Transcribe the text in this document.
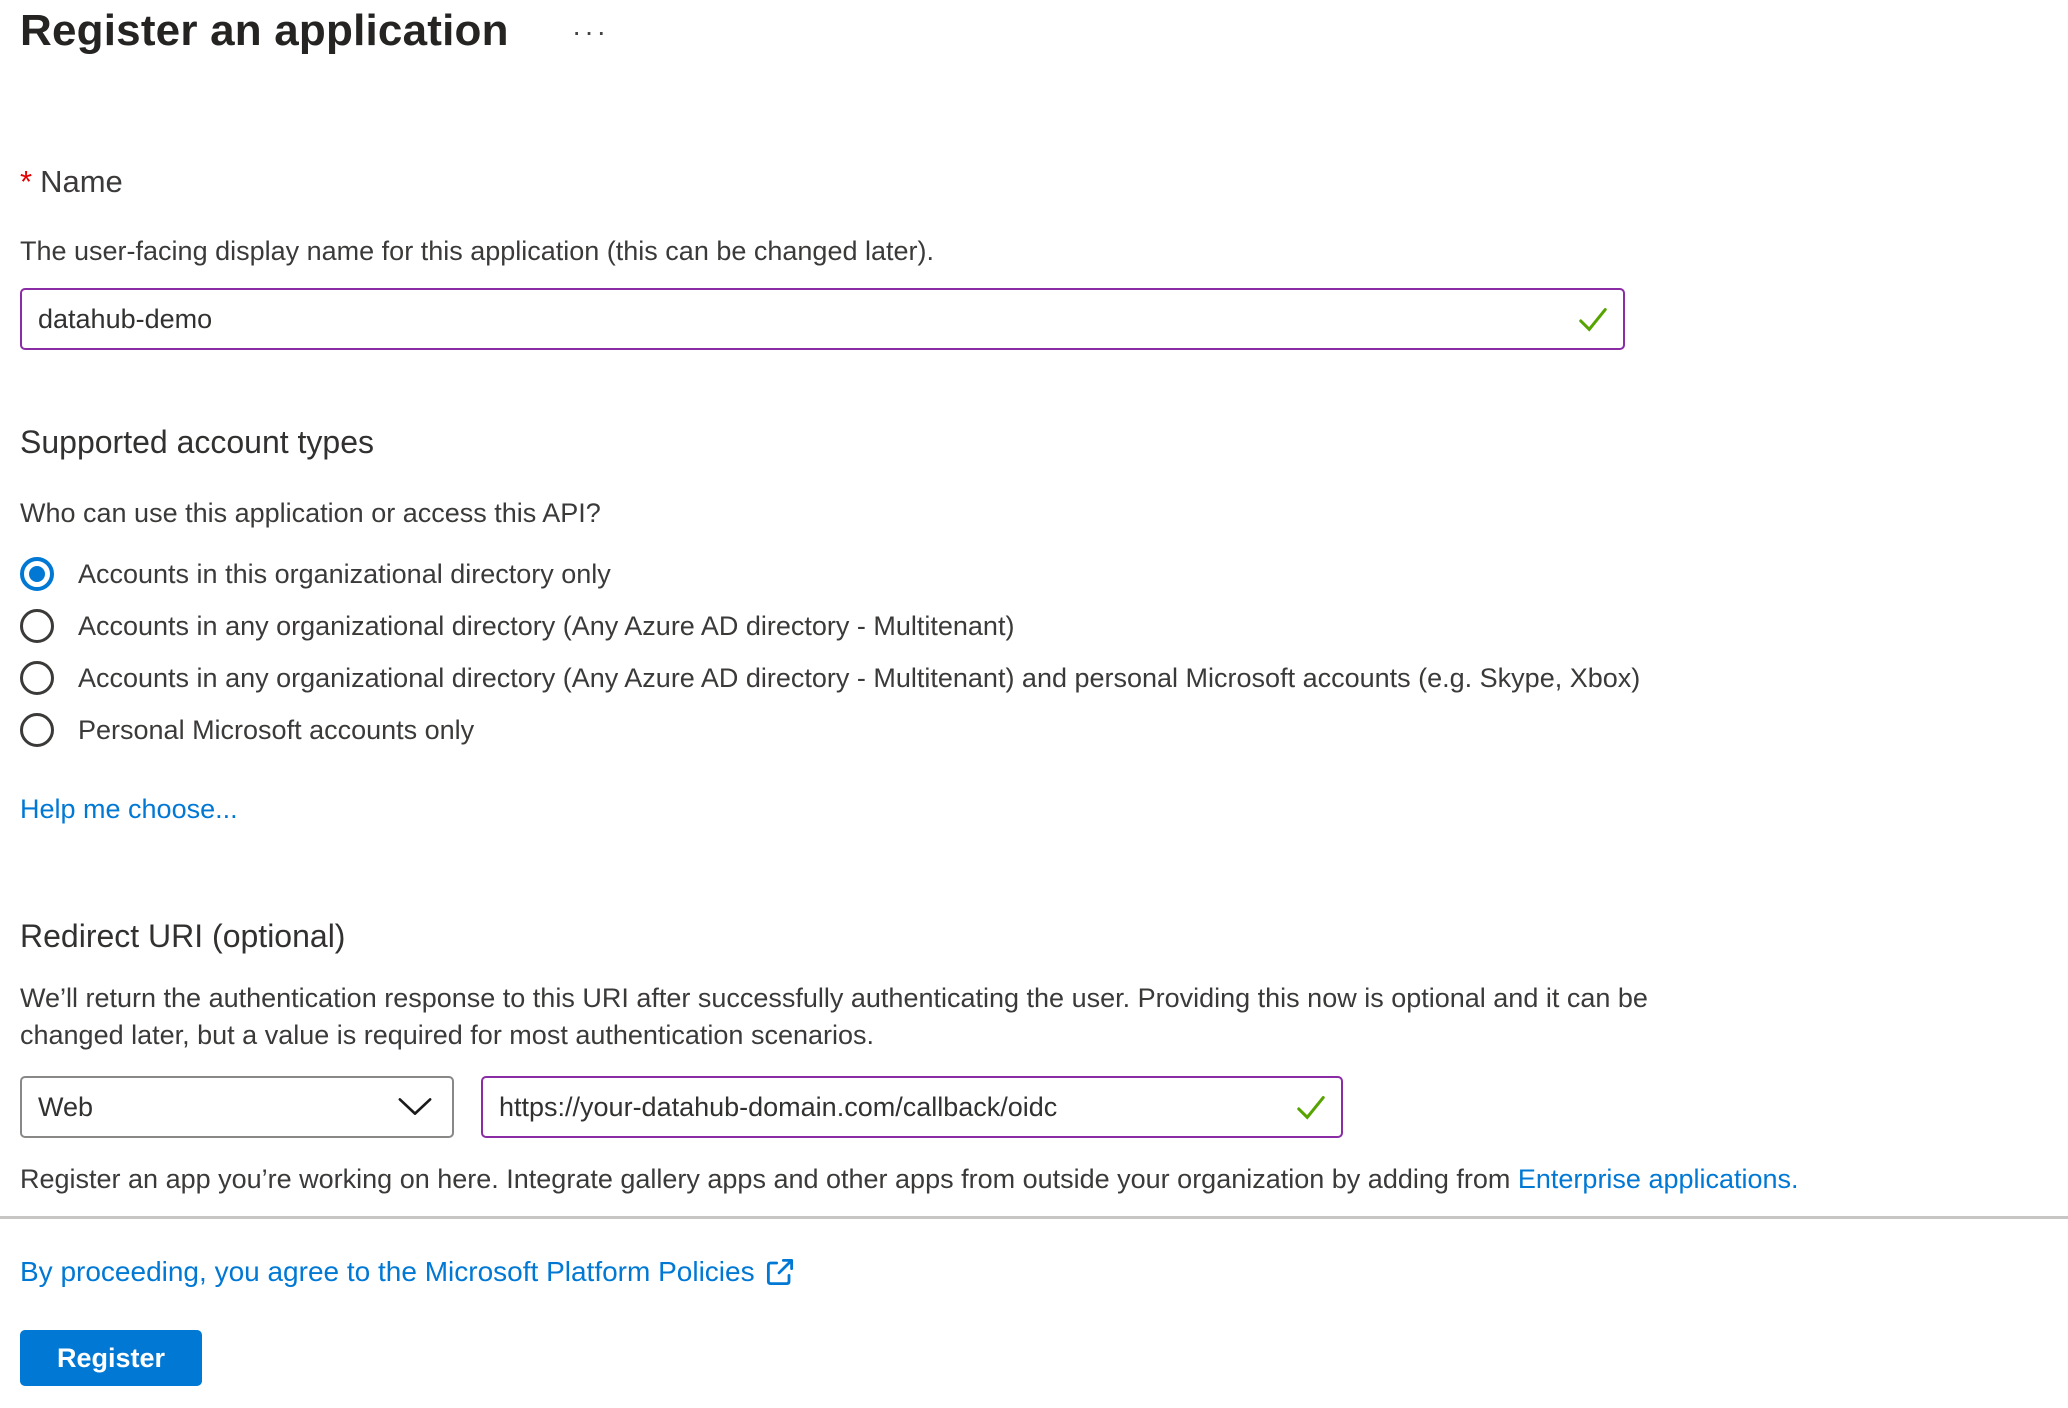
Register an application ···
* Name
The user-facing display name for this application (this can be changed later).
datahub-demo
Supported account types
Who can use this application or access this API?
Accounts in this organizational directory only
Accounts in any organizational directory (Any Azure AD directory - Multitenant)
Accounts in any organizational directory (Any Azure AD directory - Multitenant) and personal Microsoft accounts (e.g. Skype, Xbox)
Personal Microsoft accounts only
Help me choose...
Redirect URI (optional)
We’ll return the authentication response to this URI after successfully authenticating the user. Providing this now is optional and it can be
changed later, but a value is required for most authentication scenarios.
Web
https://your-datahub-domain.com/callback/oidc
Register an app you’re working on here. Integrate gallery apps and other apps from outside your organization by adding from Enterprise applications.
By proceeding, you agree to the Microsoft Platform Policies
Register
